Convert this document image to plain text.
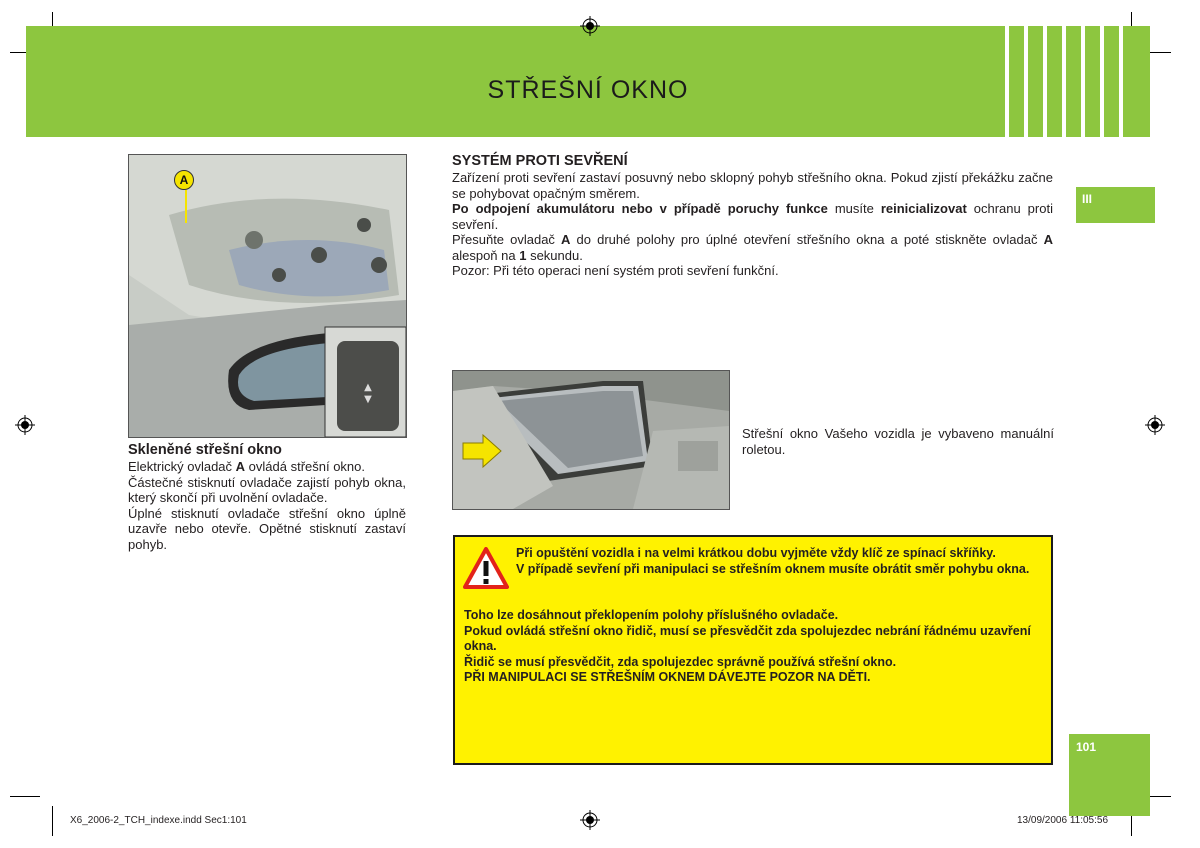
STŘEŠNÍ OKNO
III
▲
▼
A
Skleněné střešní okno
Elektrický ovladač A ovládá střešní okno.
Částečné stisknutí ovladače zajistí pohyb okna, který skončí při uvolnění ovladače.
Úplné stisknutí ovladače střešní okno úplně uzavře nebo otevře. Opětné stisknutí zastaví pohyb.
SYSTÉM PROTI SEVŘENÍ
Zařízení proti sevření zastaví posuvný nebo sklopný pohyb střešního okna. Pokud zjistí překážku začne se pohybovat opačným směrem.
Po odpojení akumulátoru nebo v případě poruchy funkce musíte reinicializovat ochranu proti sevření.
Přesuňte ovladač A do druhé polohy pro úplné otevření střešního okna a poté stiskněte ovladač A alespoň na 1 sekundu.
Pozor: Při této operaci není systém proti sevření funkční.
Střešní okno Vašeho vozidla je vybaveno manuální roletou.

Při opuštění vozidla i na velmi krátkou dobu vyjměte vždy klíč ze spínací skříňky.

V případě sevření při manipulaci se střešním oknem musíte obrátit směr pohybu okna.

Toho lze dosáhnout překlopením polohy příslušného ovladače.

Pokud ovládá střešní okno řidič, musí se přesvědčit zda spolujezdec nebrání řádnému uzavření okna.

Řidič se musí přesvědčit, zda spolujezdec správně používá střešní okno.

PŘI MANIPULACI SE STŘEŠNÍM OKNEM DÁVEJTE POZOR NA DĚTI.

101
X6_2006-2_TCH_indexe.indd Sec1:101	13/09/2006 11:05:56
